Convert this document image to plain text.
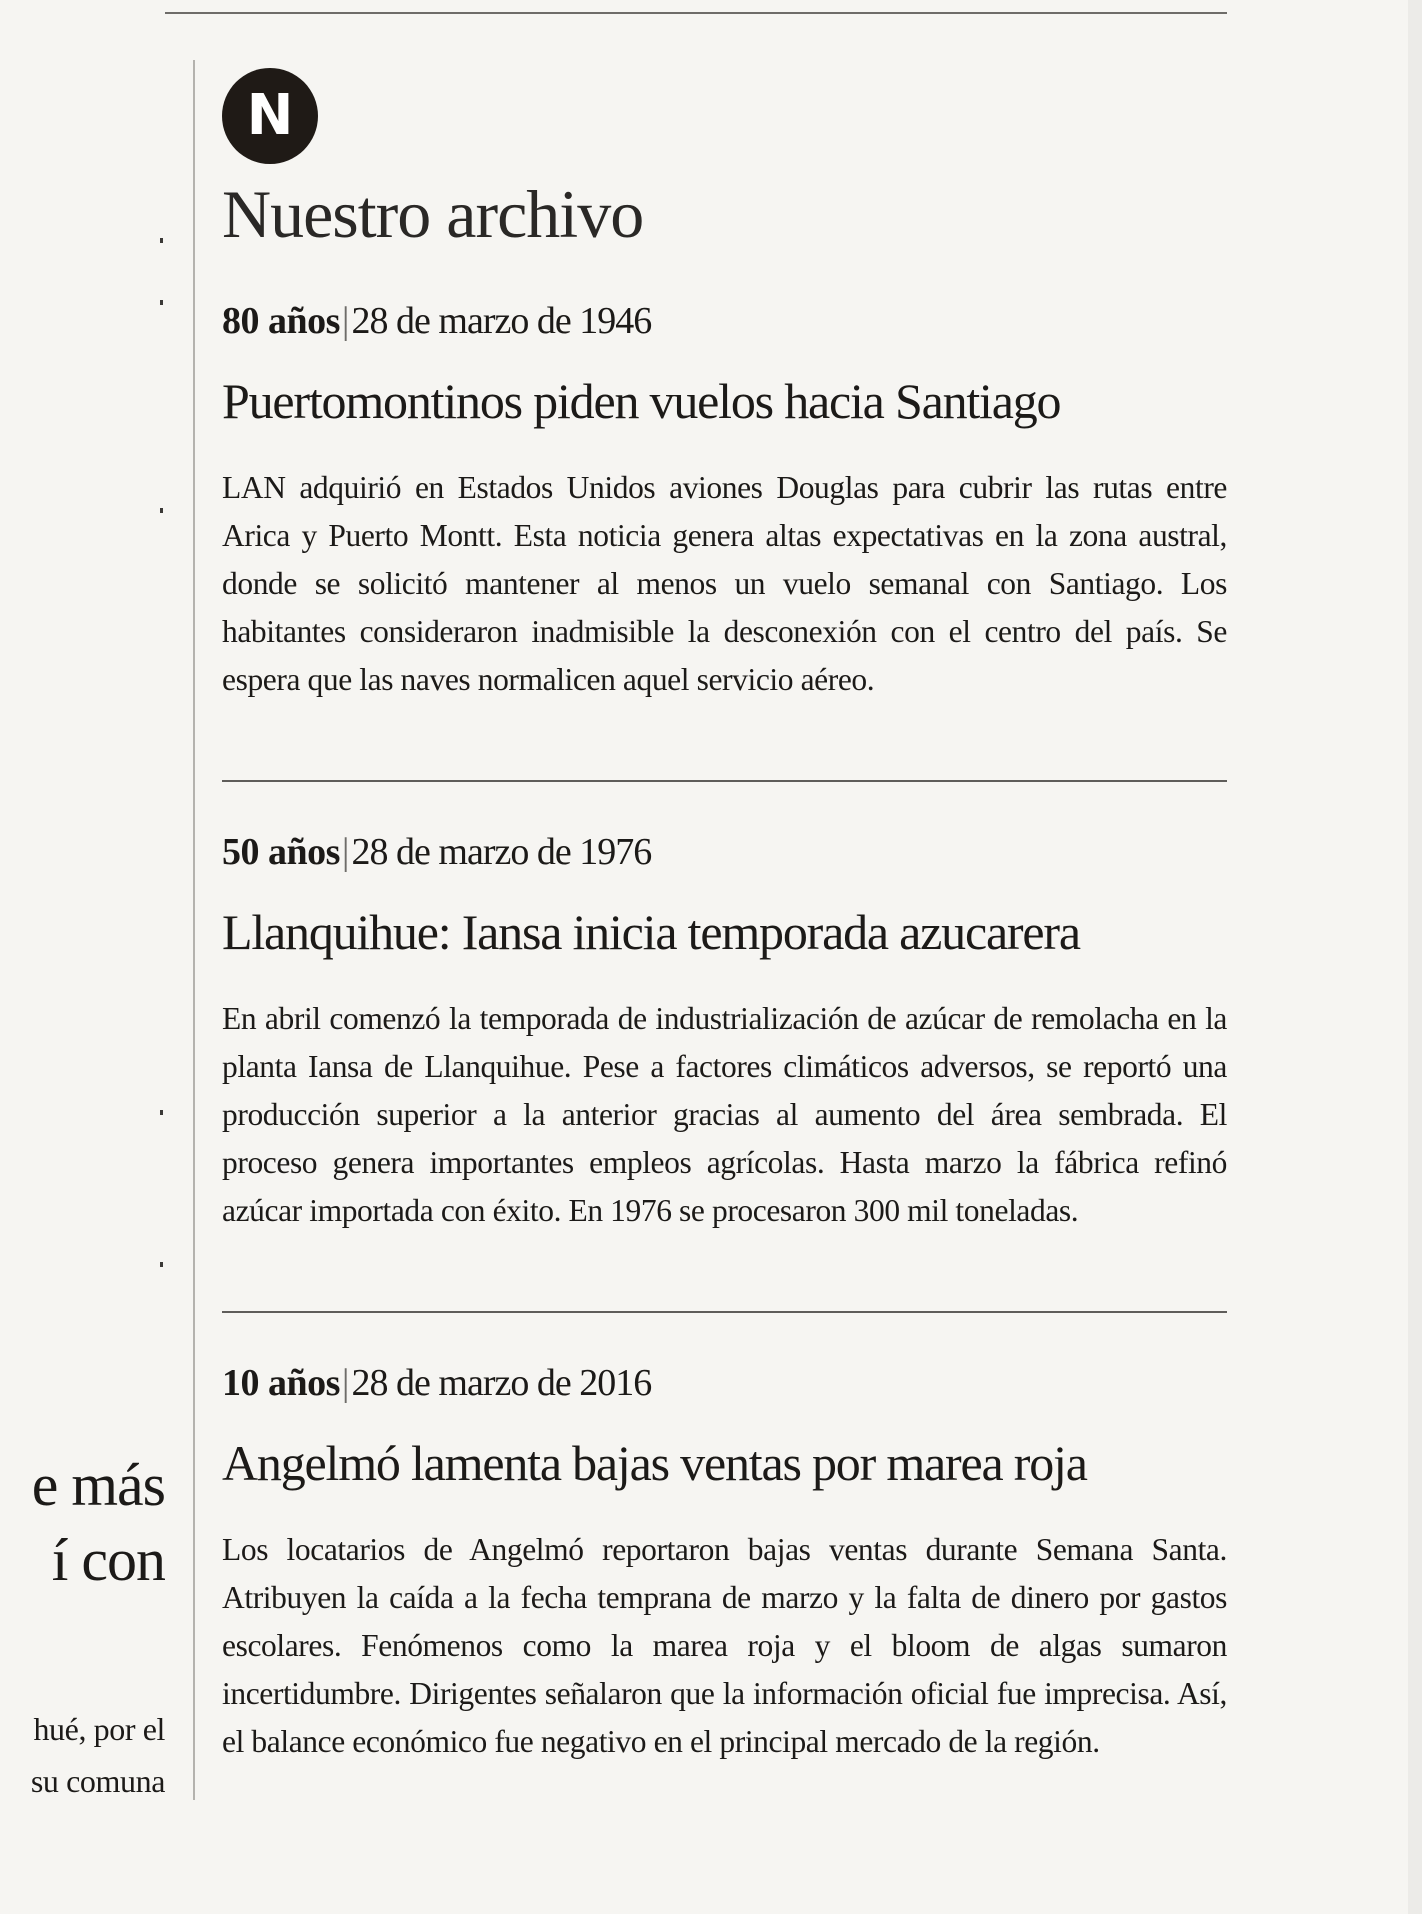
e más
í con
hué, por el
su comuna
N
Nuestro archivo
80 años|28 de marzo de 1946
Puertomontinos piden vuelos hacia Santiago

LAN adquirió en Estados Unidos aviones Douglas para cubrir las rutas entre Arica y Puerto Montt. Esta noticia genera altas expectativas en la zona austral, donde se solicitó mantener al menos un vuelo semanal con Santiago. Los habitantes consideraron inadmisible la desconexión con el centro del país. Se espera que las naves normalicen aquel servicio aéreo.

50 años|28 de marzo de 1976
Llanquihue: Iansa inicia temporada azucarera

En abril comenzó la temporada de industrialización de azúcar de remolacha en la planta Iansa de Llanquihue. Pese a factores climáticos adversos, se reportó una producción superior a la anterior gracias al aumento del área sembrada. El proceso genera importantes empleos agrícolas. Hasta marzo la fábrica refinó azúcar importada con éxito. En 1976 se procesaron 300 mil toneladas.

10 años|28 de marzo de 2016
Angelmó lamenta bajas ventas por marea roja

Los locatarios de Angelmó reportaron bajas ventas durante Semana Santa. Atribuyen la caída a la fecha temprana de marzo y la falta de dinero por gastos escolares. Fenómenos como la marea roja y el bloom de algas sumaron incertidumbre. Dirigentes señalaron que la información oficial fue imprecisa. Así, el balance económico fue negativo en el principal mercado de la región.
